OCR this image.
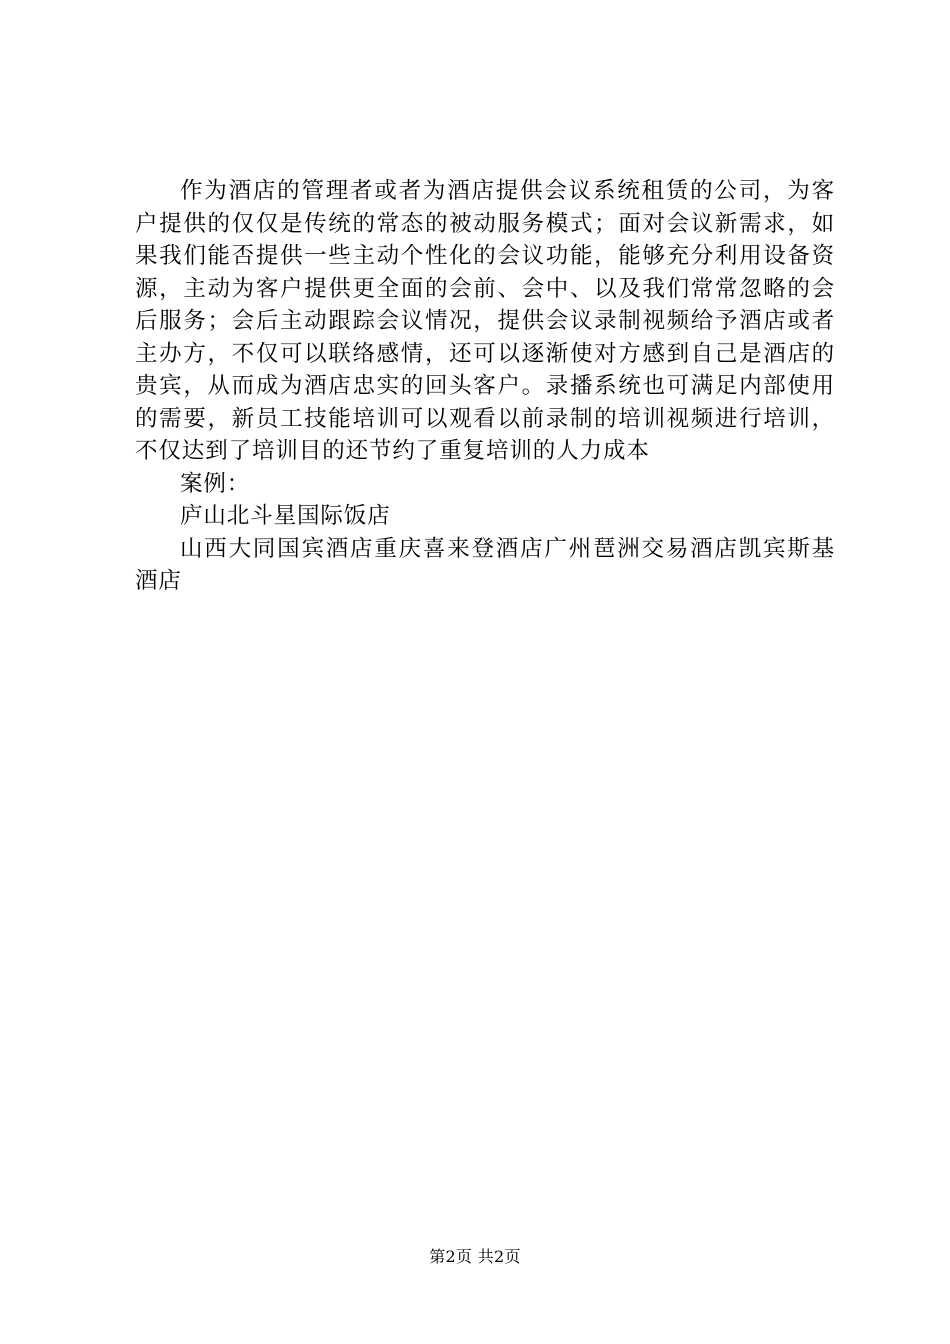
作为酒店的管理者或者为酒店提供会议系统租赁的公司，为客户提供的仅仅是传统的常态的被动服务模式；面对会议新需求，如果我们能否提供一些主动个性化的会议功能，能够充分利用设备资源，主动为客户提供更全面的会前、会中、以及我们常常忽略的会后服务；会后主动跟踪会议情况，提供会议录制视频给予酒店或者主办方，不仅可以联络感情，还可以逐渐使对方感到自己是酒店的贵宾，从而成为酒店忠实的回头客户。录播系统也可满足内部使用的需要，新员工技能培训可以观看以前录制的培训视频进行培训，不仅达到了培训目的还节约了重复培训的人力成本

案例：

庐山北斗星国际饭店

山西大同国宾酒店重庆喜来登酒店广州琶洲交易酒店凯宾斯基酒店

第2页 共2页
